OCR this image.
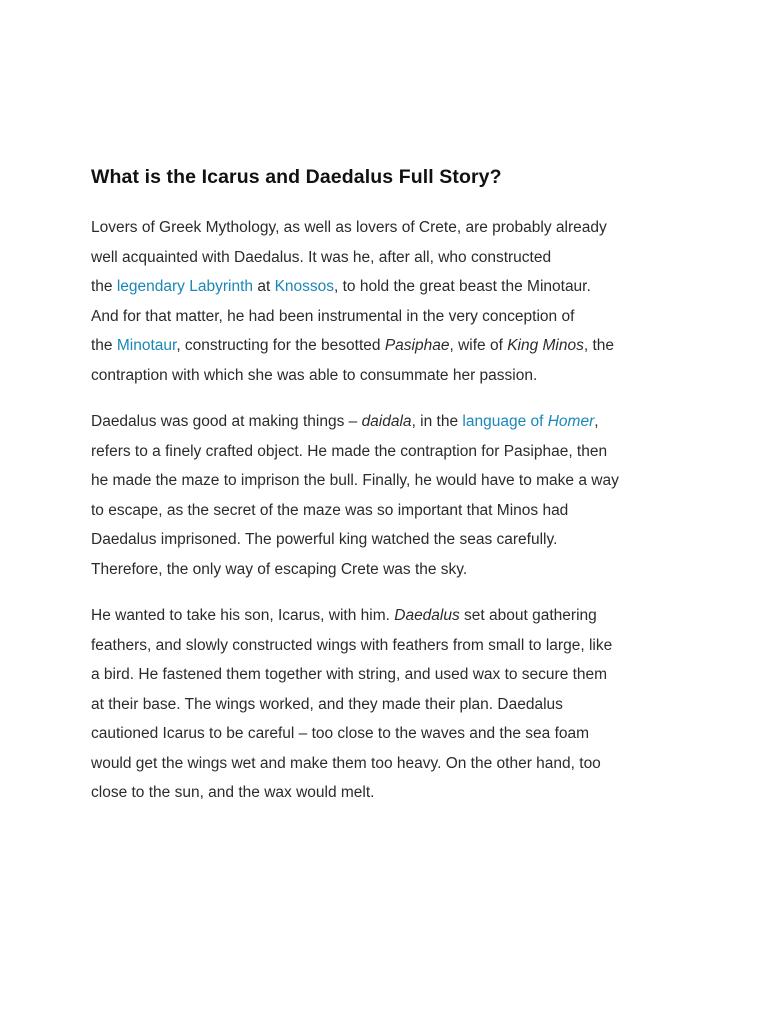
What is the Icarus and Daedalus Full Story?

Lovers of Greek Mythology, as well as lovers of Crete, are probably already
well acquainted with Daedalus. It was he, after all, who constructed
the legendary Labyrinth at Knossos, to hold the great beast the Minotaur.
And for that matter, he had been instrumental in the very conception of
the Minotaur, constructing for the besotted Pasiphae, wife of King Minos, the
contraption with which she was able to consummate her passion.

Daedalus was good at making things – daidala, in the language of Homer,
refers to a finely crafted object. He made the contraption for Pasiphae, then
he made the maze to imprison the bull. Finally, he would have to make a way
to escape, as the secret of the maze was so important that Minos had
Daedalus imprisoned. The powerful king watched the seas carefully.
Therefore, the only way of escaping Crete was the sky.

He wanted to take his son, Icarus, with him. Daedalus set about gathering
feathers, and slowly constructed wings with feathers from small to large, like
a bird. He fastened them together with string, and used wax to secure them
at their base. The wings worked, and they made their plan. Daedalus
cautioned Icarus to be careful – too close to the waves and the sea foam
would get the wings wet and make them too heavy. On the other hand, too
close to the sun, and the wax would melt.
